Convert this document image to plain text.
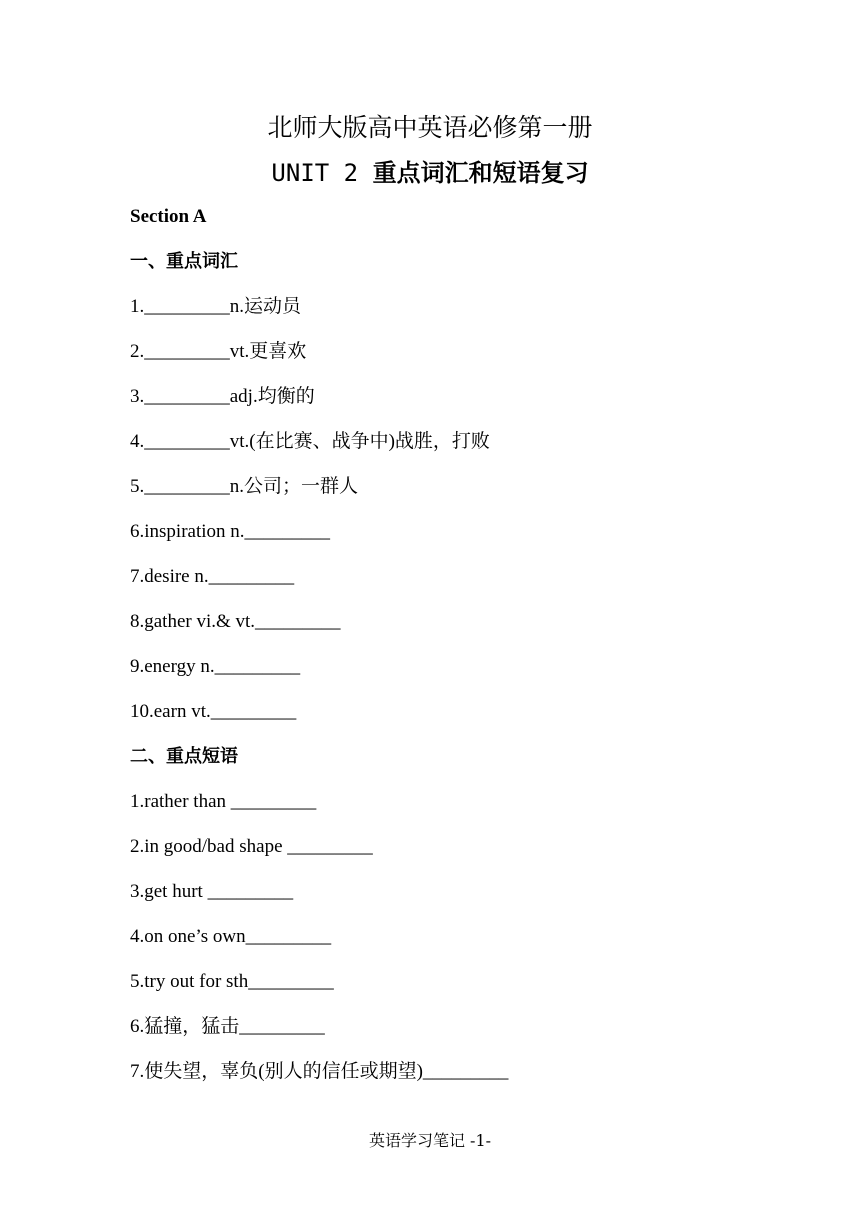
北师大版高中英语必修第一册
UNIT 2 重点词汇和短语复习
Section A
一、重点词汇
1._________n.运动员
2._________vt.更喜欢
3._________adj.均衡的
4._________vt.(在比赛、战争中)战胜，打败
5._________n.公司；一群人
6.inspiration n._________
7.desire n._________
8.gather vi.& vt._________
9.energy n._________
10.earn vt._________
二、重点短语
1.rather than _________
2.in good/bad shape _________
3.get hurt _________
4.on one’s own_________
5.try out for sth_________
6.猛撞，猛击_________
7.使失望，辜负(别人的信任或期望)_________
英语学习笔记 -1-
